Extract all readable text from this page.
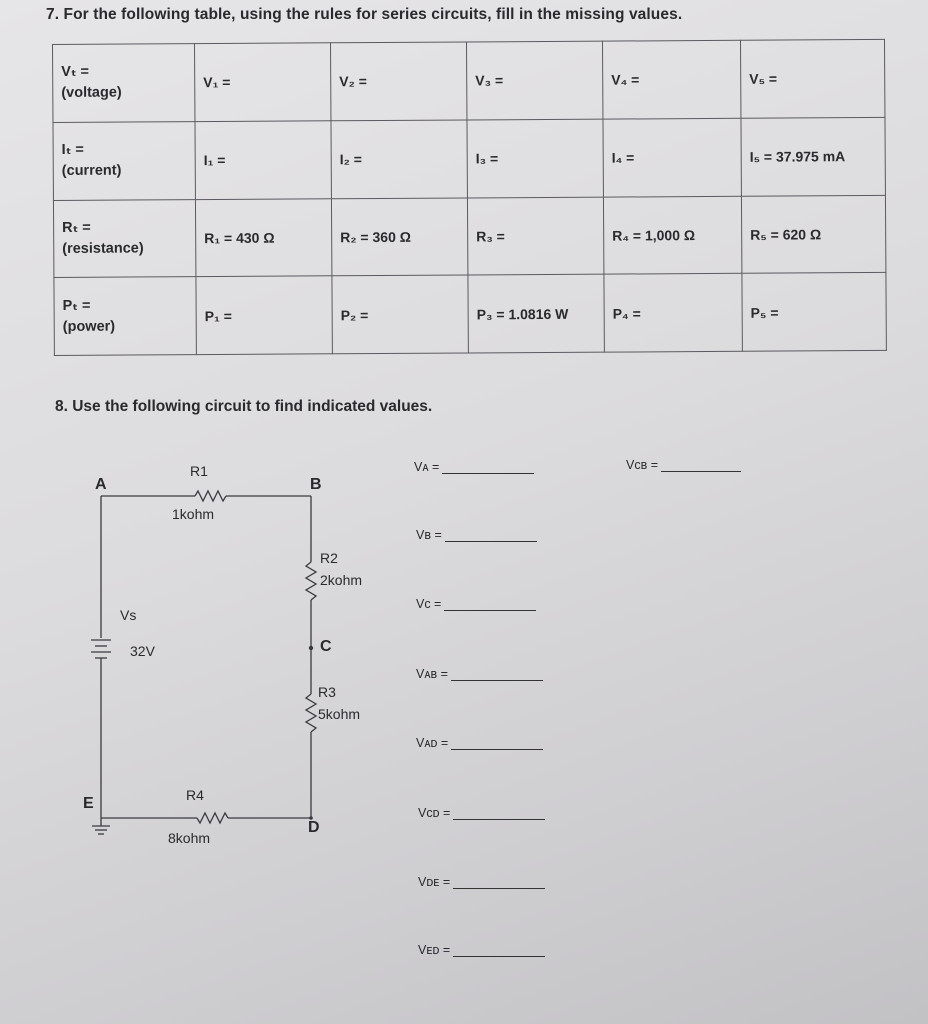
7. For the following table, using the rules for series circuits, fill in the missing values.
Vₜ =
(voltage)	V₁ =	V₂ =	V₃ =	V₄ =	V₅ =

Iₜ =
(current)	I₁ =	I₂ =	I₃ =	I₄ =	I₅ = 37.975 mA

Rₜ =
(resistance)	R₁ = 430 Ω	R₂ = 360 Ω	R₃ =	R₄ = 1,000 Ω	R₅ = 620 Ω

Pₜ =
(power)	P₁ =	P₂ =	P₃ = 1.0816 W	P₄ =	P₅ =
8. Use the following circuit to find indicated values.
A	B
C
D
E
R1
1kohm
R2
2kohm
R3
5kohm
R4
8kohm
Vs
32V
Vᴀ =
Vʙ =
Vᴄ =
Vᴀʙ =
Vᴀᴅ =
Vᴄᴅ =
Vᴅᴇ =
Vᴇᴅ =
Vᴄʙ =
